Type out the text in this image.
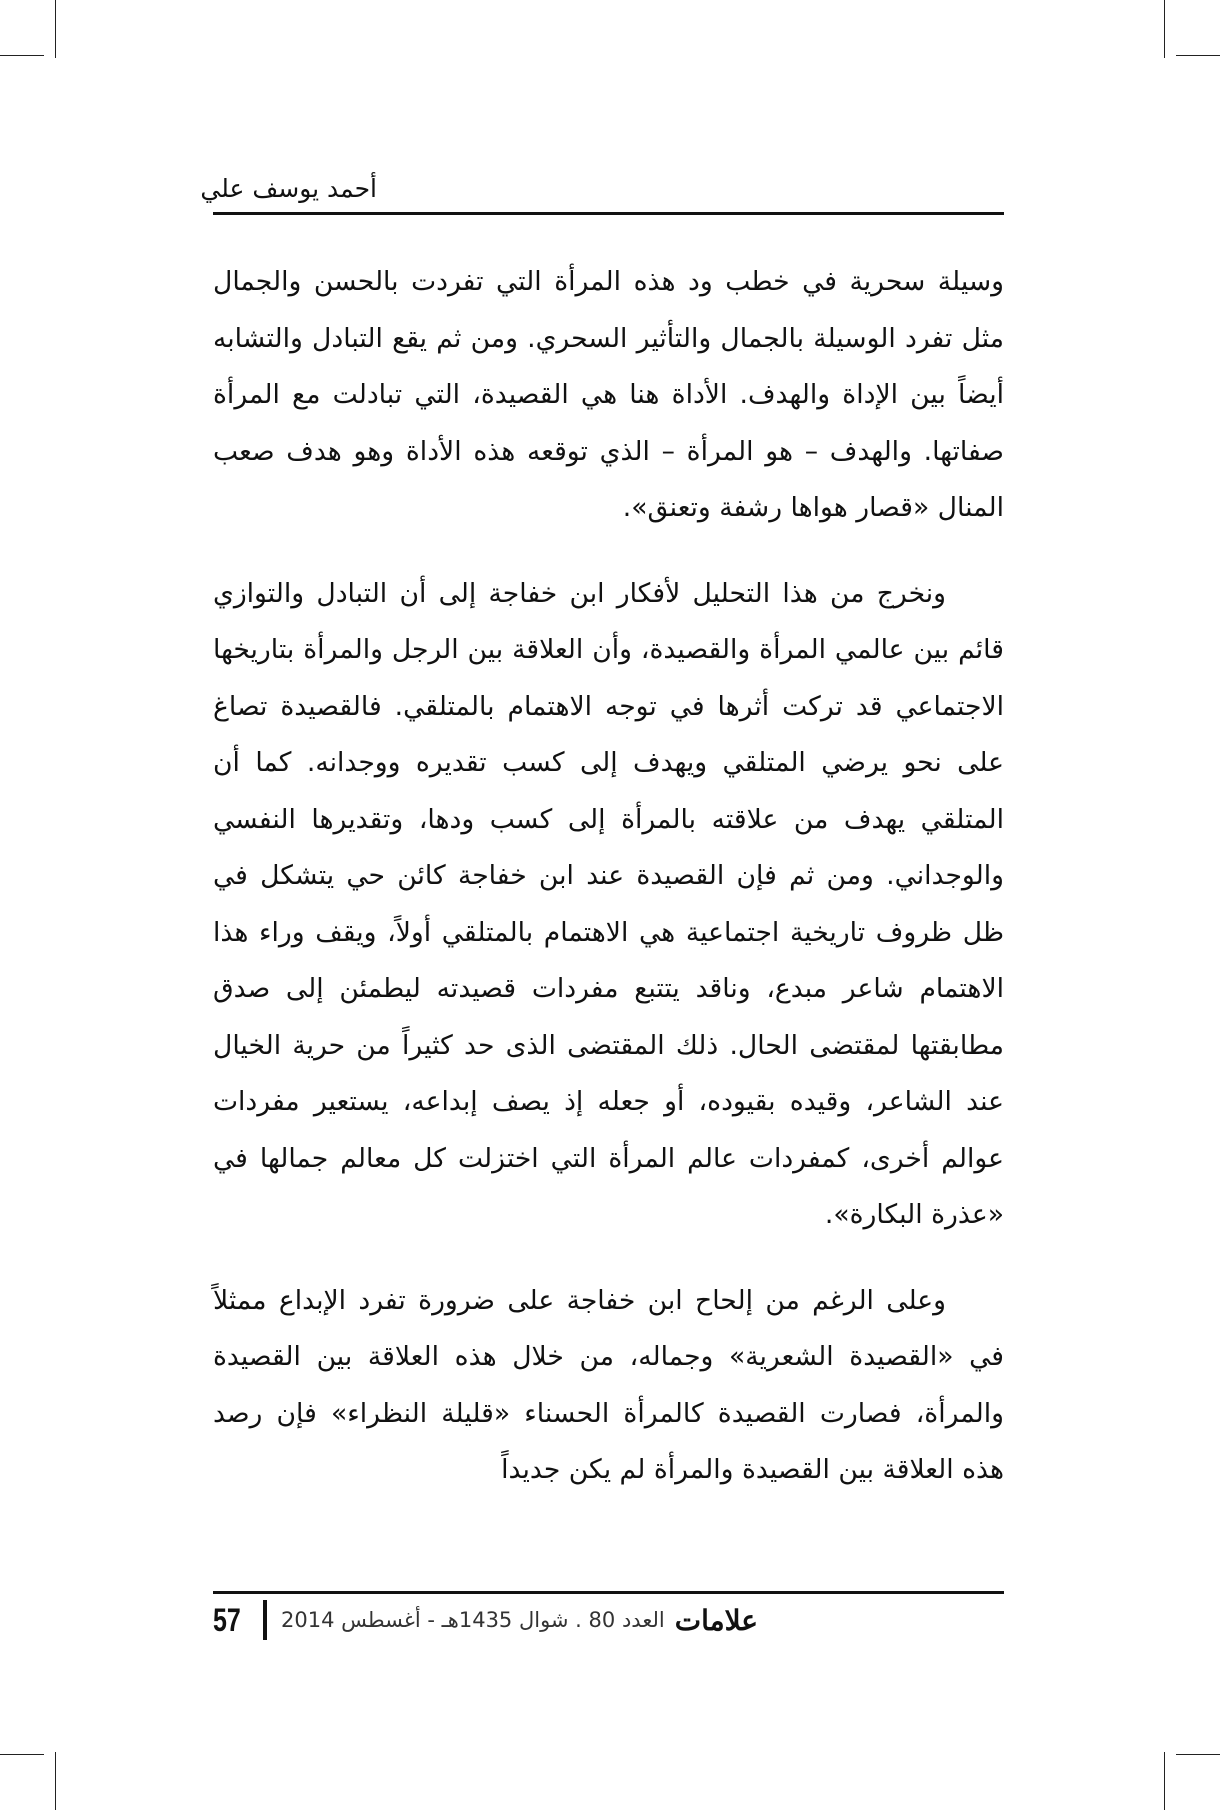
أحمد يوسف علي

وسيلة سحرية في خطب ود هذه المرأة التي تفردت بالحسن والجمال مثل تفرد الوسيلة بالجمال والتأثير السحري. ومن ثم يقع التبادل والتشابه أيضاً بين الإداة والهدف. الأداة هنا هي القصيدة، التي تبادلت مع المرأة صفاتها. والهدف – هو المرأة – الذي توقعه هذه الأداة وهو هدف صعب المنال «قصار هواها رشفة وتعنق».

ونخرج من هذا التحليل لأفكار ابن خفاجة إلى أن التبادل والتوازي قائم بين عالمي المرأة والقصيدة، وأن العلاقة بين الرجل والمرأة بتاريخها الاجتماعي قد تركت أثرها في توجه الاهتمام بالمتلقي. فالقصيدة تصاغ على نحو يرضي المتلقي ويهدف إلى كسب تقديره ووجدانه. كما أن المتلقي يهدف من علاقته بالمرأة إلى كسب ودها، وتقديرها النفسي والوجداني. ومن ثم فإن القصيدة عند ابن خفاجة كائن حي يتشكل في ظل ظروف تاريخية اجتماعية هي الاهتمام بالمتلقي أولاً، ويقف وراء هذا الاهتمام شاعر مبدع، وناقد يتتبع مفردات قصيدته ليطمئن إلى صدق مطابقتها لمقتضى الحال. ذلك المقتضى الذى حد كثيراً من حرية الخيال عند الشاعر، وقيده بقيوده، أو جعله إذ يصف إبداعه، يستعير مفردات عوالم أخرى، كمفردات عالم المرأة التي اختزلت كل معالم جمالها في «عذرة البكارة».

وعلى الرغم من إلحاح ابن خفاجة على ضرورة تفرد الإبداع ممثلاً في «القصيدة الشعرية» وجماله، من خلال هذه العلاقة بين القصيدة والمرأة، فصارت القصيدة كالمرأة الحسناء «قليلة النظراء» فإن رصد هذه العلاقة بين القصيدة والمرأة لم يكن جديداً

57 العدد 80 . شوال 1435هـ - أغسطس 2014 علامات
